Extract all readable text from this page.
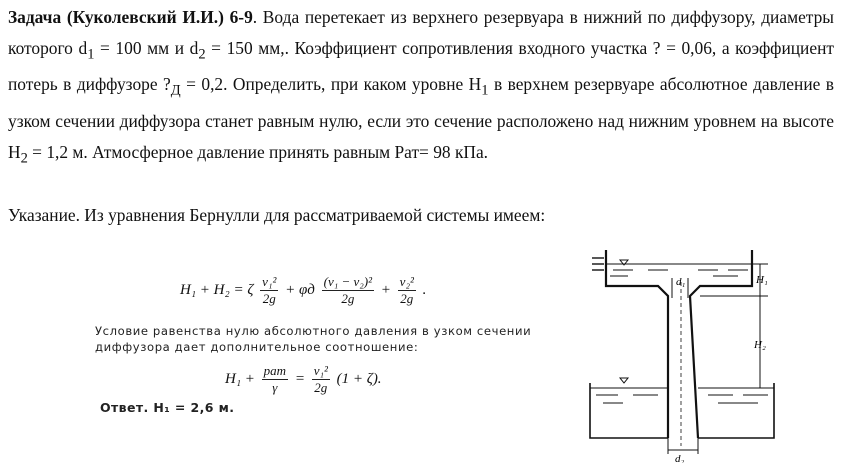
Задача (Куколевский И.И.) 6-9. Вода перетекает из верхнего резервуара в нижний по диффузору, диаметры которого $d_1 = 100$ мм и $d_2 = 150$ мм,. Коэффициент сопротивления входного участка ? = 0,06, а коэффициент потерь в диффузоре $?_Д = 0,2$. Определить, при каком уровне $H_1$ в верхнем резервуаре абсолютное давление в узком сечении диффузора станет равным нулю, если это сечение расположено над нижним уровнем на высоте $H_2 = 1,2$ м. Атмосферное давление принять равным Pат= 98 кПа.

Указание. Из уравнения Бернулли для рассматриваемой системы имеем:
H₁ + H₂ = ζ $\frac{\text{v₁²}}{2g} + \varphi д \frac{\text{(v₁ − v₂)²}}{2g} + \frac{\text{v₂²}}{2g}$ .
Условие равенства нулю абсолютного давления в узком сечении диффузора дает дополнительное соотношение:
$H_1 + \frac{\text{pат}}{\gamma} = \frac{\text{v₁²}}{2g} (1 + \zeta)$.
Ответ. H₁ = 2,6 м.
d₁
d₂
H₁
H₂
